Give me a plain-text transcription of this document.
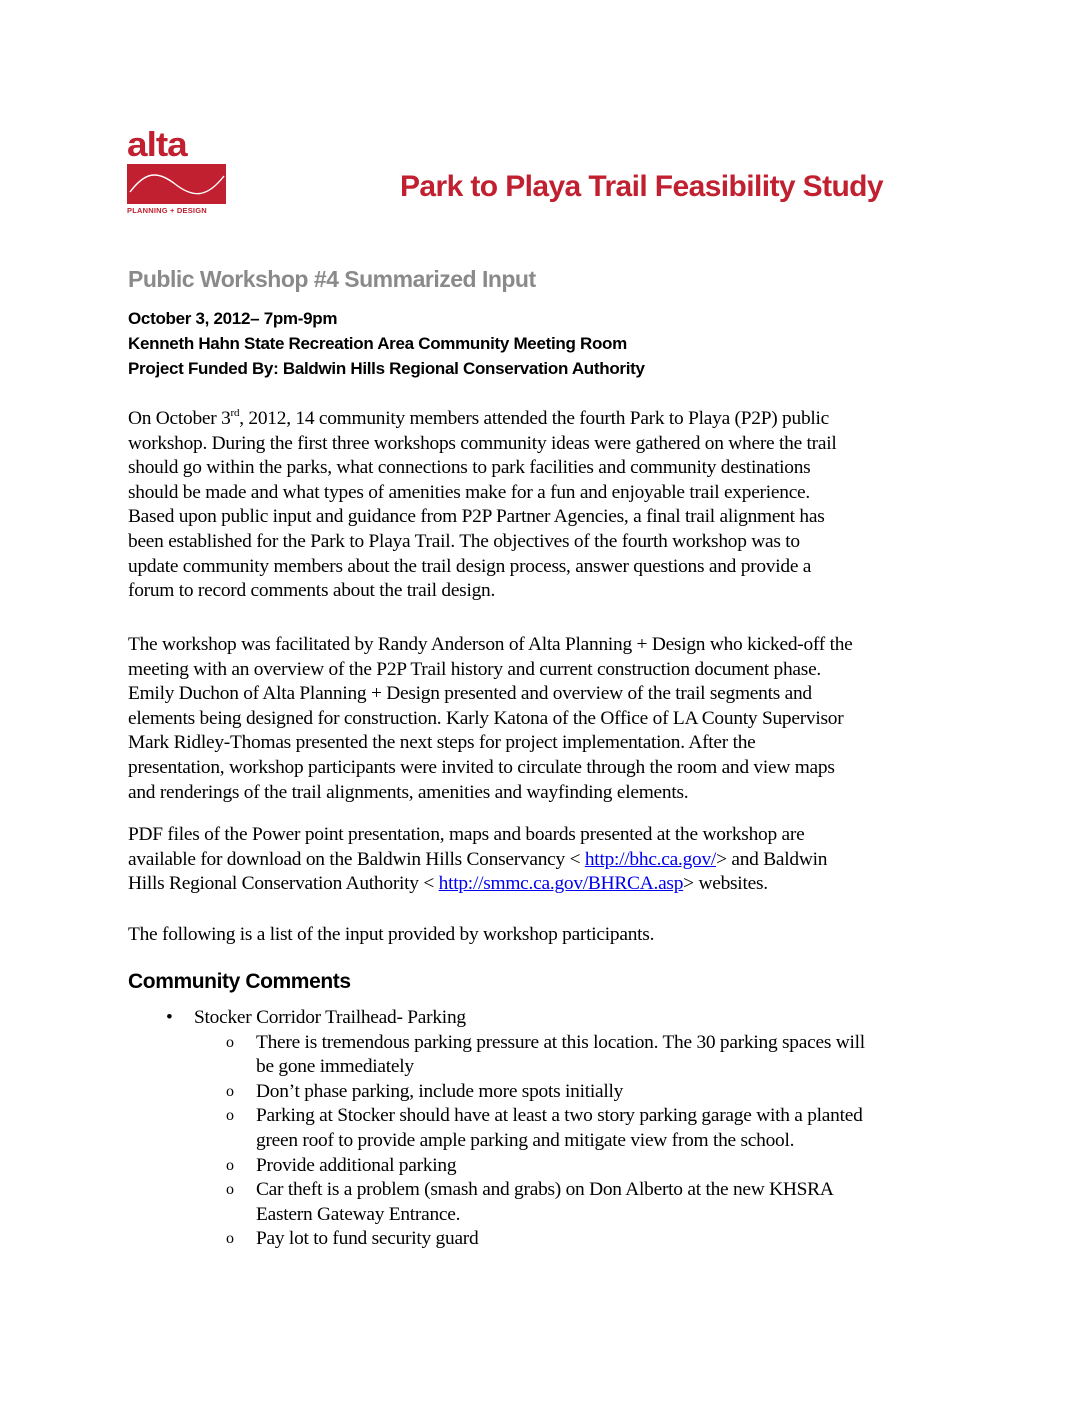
alta
PLANNING + DESIGN
Park to Playa Trail Feasibility Study
Public Workshop #4 Summarized Input
October 3, 2012– 7pm-9pm
Kenneth Hahn State Recreation Area Community Meeting Room
Project Funded By: Baldwin Hills Regional Conservation Authority

On October 3rd, 2012, 14 community members attended the fourth Park to Playa (P2P) public

workshop. During the first three workshops community ideas were gathered on where the trail

should go within the parks, what connections to park facilities and community destinations

should be made and what types of amenities make for a fun and enjoyable trail experience.

Based upon public input and guidance from P2P Partner Agencies, a final trail alignment has

been established for the Park to Playa Trail. The objectives of the fourth workshop was to

update community members about the trail design process, answer questions and provide a

forum to record comments about the trail design.

The workshop was facilitated by Randy Anderson of Alta Planning + Design who kicked-off the

meeting with an overview of the P2P Trail history and current construction document phase.

Emily Duchon of Alta Planning + Design presented and overview of the trail segments and

elements being designed for construction. Karly Katona of the Office of LA County Supervisor

Mark Ridley-Thomas presented the next steps for project implementation. After the

presentation, workshop participants were invited to circulate through the room and view maps

and renderings of the trail alignments, amenities and wayfinding elements.

PDF files of the Power point presentation, maps and boards presented at the workshop are

available for download on the Baldwin Hills Conservancy < http://bhc.ca.gov/> and Baldwin

Hills Regional Conservation Authority < http://smmc.ca.gov/BHRCA.asp> websites.

The following is a list of the input provided by workshop participants.

Community Comments
• Stocker Corridor Trailhead- Parking
o There is tremendous parking pressure at this location. The 30 parking spaces will
be gone immediately
o Don’t phase parking, include more spots initially
o Parking at Stocker should have at least a two story parking garage with a planted
green roof to provide ample parking and mitigate view from the school.
o Provide additional parking
o Car theft is a problem (smash and grabs) on Don Alberto at the new KHSRA
Eastern Gateway Entrance.
o Pay lot to fund security guard
